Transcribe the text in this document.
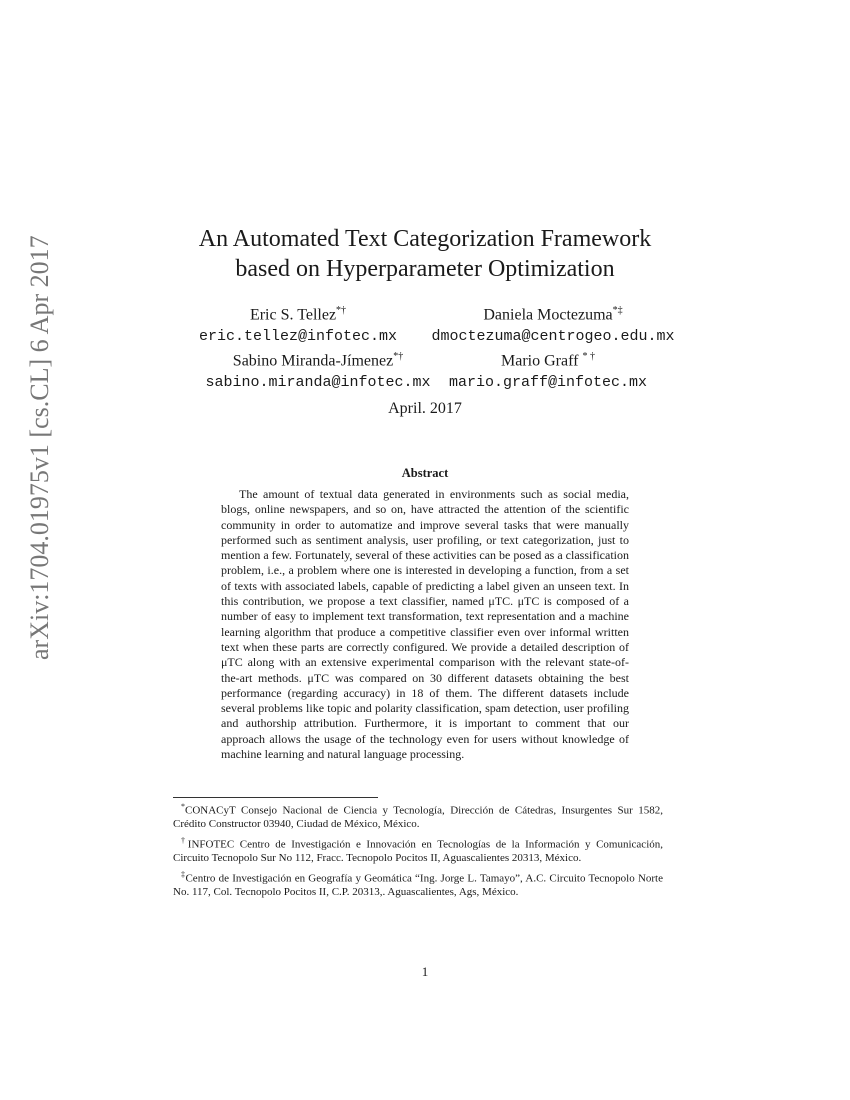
arXiv:1704.01975v1 [cs.CL] 6 Apr 2017	An Automated Text Categorization Framework
based on Hyperparameter Optimization
Eric S. Tellez*†
eric.tellez@infotec.mx
Daniela Moctezuma*‡
dmoctezuma@centrogeo.edu.mx
Sabino Miranda-Jímenez*†
sabino.miranda@infotec.mx
Mario Graff * †
mario.graff@infotec.mx
April. 2017
Abstract

The amount of textual data generated in environments such as social media, blogs, online newspapers, and so on, have attracted the attention of the scientific community in order to automatize and improve several tasks that were manually performed such as sentiment analysis, user profiling, or text categorization, just to mention a few. Fortunately, several of these activities can be posed as a classification problem, i.e., a problem where one is interested in developing a function, from a set of texts with associated labels, capable of predicting a label given an unseen text. In this contribution, we propose a text classifier, named μTC. μTC is composed of a number of easy to implement text transformation, text representation and a machine learning algorithm that produce a competitive classifier even over informal written text when these parts are correctly configured. We provide a detailed description of μTC along with an extensive experimental comparison with the relevant state-of-the-art methods. μTC was compared on 30 different datasets obtaining the best performance (regarding accuracy) in 18 of them. The different datasets include several problems like topic and polarity classification, spam detection, user profiling and authorship attribution. Furthermore, it is important to comment that our approach allows the usage of the technology even for users without knowledge of machine learning and natural language processing.

*CONACyT Consejo Nacional de Ciencia y Tecnología, Dirección de Cátedras, Insurgentes Sur 1582, Crédito Constructor 03940, Ciudad de México, México.

†INFOTEC Centro de Investigación e Innovación en Tecnologías de la Información y Comunicación, Circuito Tecnopolo Sur No 112, Fracc. Tecnopolo Pocitos II, Aguascalientes 20313, México.

‡Centro de Investigación en Geografía y Geomática “Ing. Jorge L. Tamayo”, A.C. Circuito Tecnopolo Norte No. 117, Col. Tecnopolo Pocitos II, C.P. 20313,. Aguascalientes, Ags, México.

1
